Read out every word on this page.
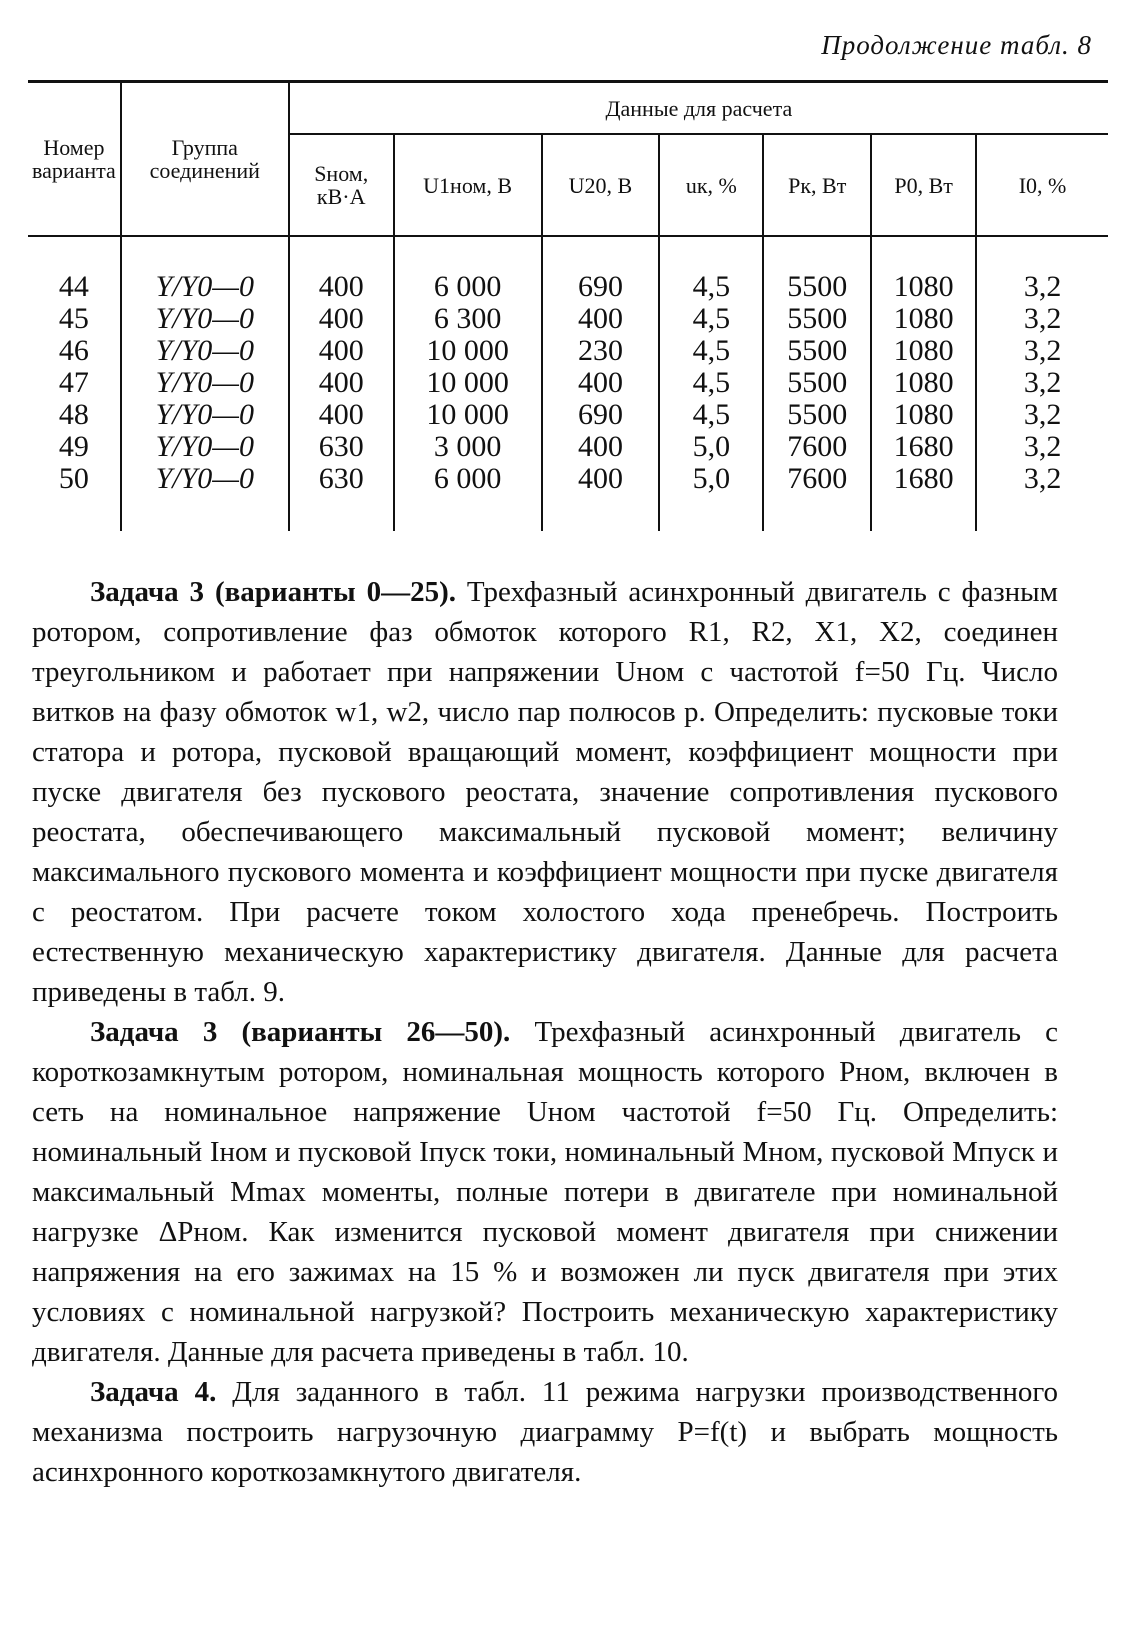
Продолжение табл. 8
Номер варианта	Группа соединений	Данные для расчета						
		Sном, кВ·А	U1ном, В	U20, В	uк, %	Pк, Вт	P0, Вт	I0, %
44	Y/Y0—0	400	6 000	690	4,5	5500	1080	3,2
45	Y/Y0—0	400	6 300	400	4,5	5500	1080	3,2
46	Y/Y0—0	400	10 000	230	4,5	5500	1080	3,2
47	Y/Y0—0	400	10 000	400	4,5	5500	1080	3,2
48	Y/Y0—0	400	10 000	690	4,5	5500	1080	3,2
49	Y/Y0—0	630	3 000	400	5,0	7600	1680	3,2
50	Y/Y0—0	630	6 000	400	5,0	7600	1680	3,2

Задача 3 (варианты 0—25). Трехфазный асинхронный двигатель с фазным ротором, сопротивление фаз обмоток которого R1, R2, X1, X2, соединен треугольником и работает при напряжении Uном с частотой f=50 Гц. Число витков на фазу обмоток w1, w2, число пар полюсов p. Определить: пусковые токи статора и ротора, пусковой вращающий момент, коэффициент мощности при пуске двигателя без пускового реостата, значение сопротивления пускового реостата, обеспечивающего максимальный пусковой момент; величину максимального пускового момента и коэффициент мощности при пуске двигателя с реостатом. При расчете током холостого хода пренебречь. Построить естественную механическую характеристику двигателя. Данные для расчета приведены в табл. 9.

Задача 3 (варианты 26—50). Трехфазный асинхронный двигатель с короткозамкнутым ротором, номинальная мощность которого Pном, включен в сеть на номинальное напряжение Uном частотой f=50 Гц. Определить: номинальный Iном и пусковой Iпуск токи, номинальный Mном, пусковой Mпуск и максимальный Mmax моменты, полные потери в двигателе при номинальной нагрузке ΔPном. Как изменится пусковой момент двигателя при снижении напряжения на его зажимах на 15 % и возможен ли пуск двигателя при этих условиях с номинальной нагрузкой? Построить механическую характеристику двигателя. Данные для расчета приведены в табл. 10.

Задача 4. Для заданного в табл. 11 режима нагрузки производственного механизма построить нагрузочную диаграмму P=f(t) и выбрать мощность асинхронного короткозамкнутого двигателя.
